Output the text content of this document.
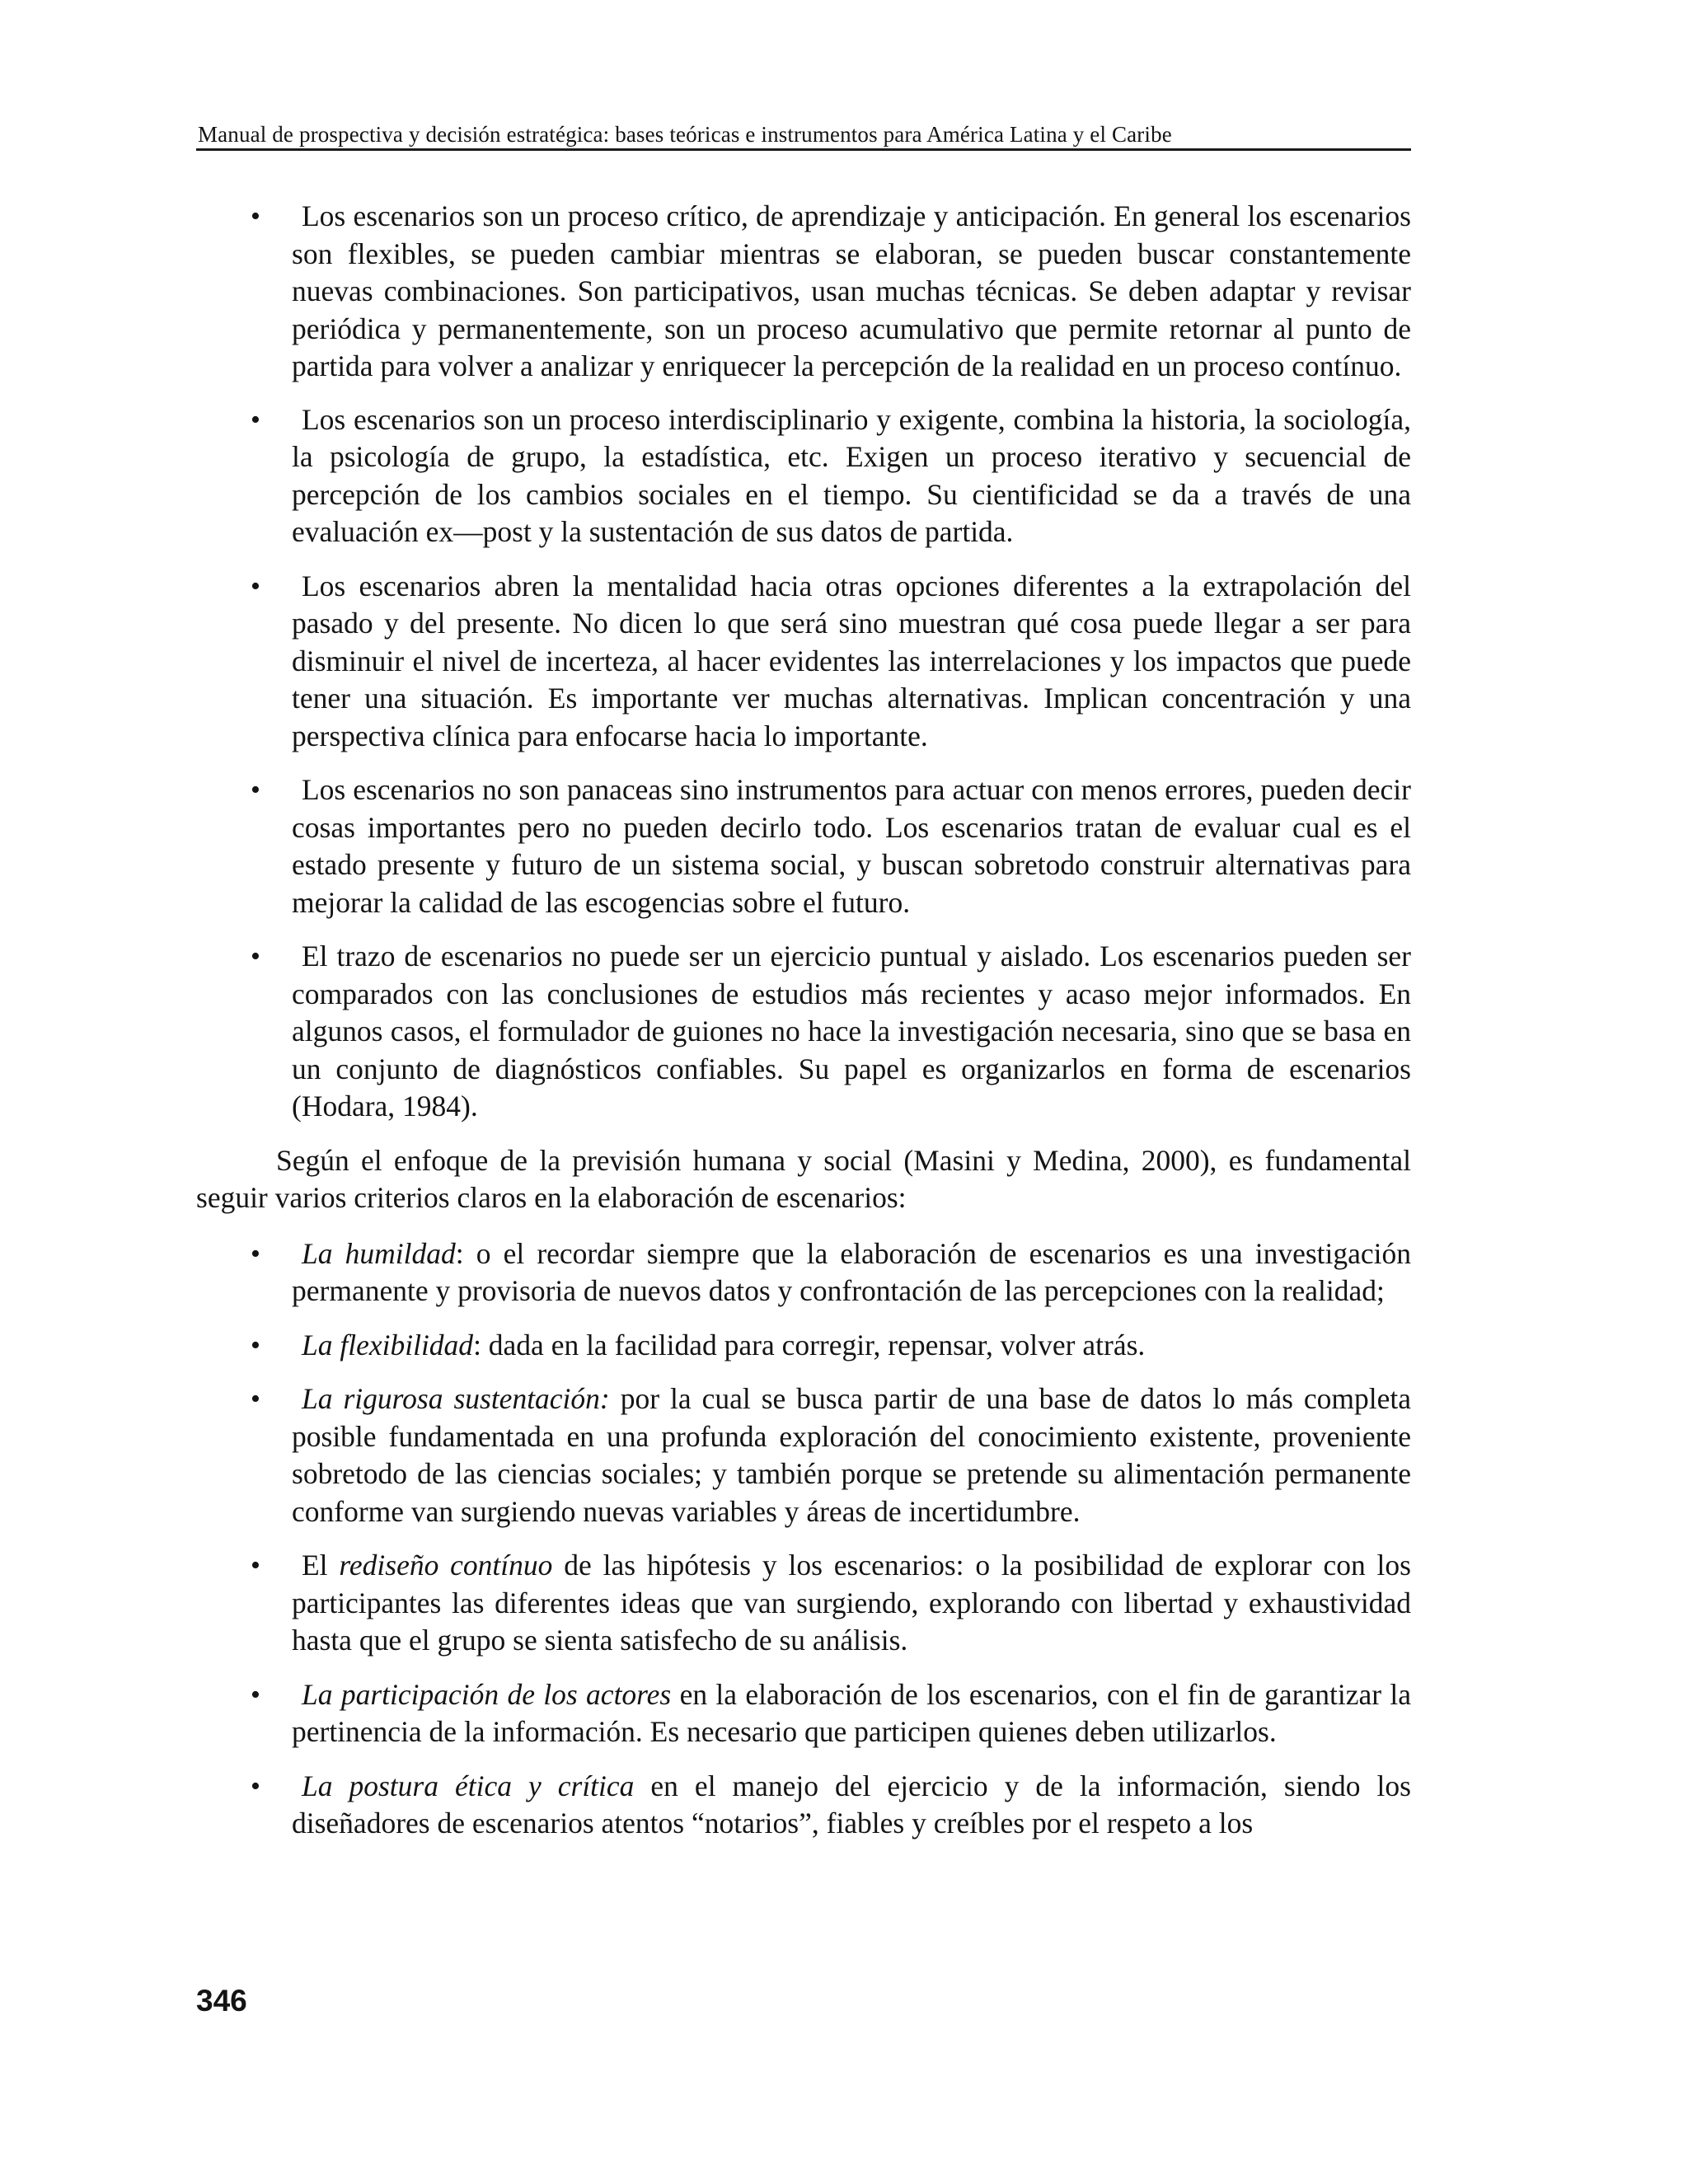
Manual de prospectiva y decisión estratégica: bases teóricas e instrumentos para América Latina y el Caribe
• Los escenarios son un proceso crítico, de aprendizaje y anticipación. En general los escenarios son flexibles, se pueden cambiar mientras se elaboran, se pueden buscar constantemente nuevas combinaciones. Son participativos, usan muchas técnicas. Se deben adaptar y revisar periódica y permanentemente, son un proceso acumulativo que permite retornar al punto de partida para volver a analizar y enriquecer la percepción de la realidad en un proceso contínuo.
• Los escenarios son un proceso interdisciplinario y exigente, combina la historia, la sociología, la psicología de grupo, la estadística, etc. Exigen un proceso iterativo y secuencial de percepción de los cambios sociales en el tiempo. Su cientificidad se da a través de una evaluación ex—post y la sustentación de sus datos de partida.
• Los escenarios abren la mentalidad hacia otras opciones diferentes a la extrapolación del pasado y del presente. No dicen lo que será sino muestran qué cosa puede llegar a ser para disminuir el nivel de incerteza, al hacer evidentes las interrelaciones y los impactos que puede tener una situación. Es importante ver muchas alternativas. Implican concentración y una perspectiva clínica para enfocarse hacia lo importante.
• Los escenarios no son panaceas sino instrumentos para actuar con menos errores, pueden decir cosas importantes pero no pueden decirlo todo. Los escenarios tratan de evaluar cual es el estado presente y futuro de un sistema social, y buscan sobretodo construir alternativas para mejorar la calidad de las escogencias sobre el futuro.
• El trazo de escenarios no puede ser un ejercicio puntual y aislado. Los escenarios pueden ser comparados con las conclusiones de estudios más recientes y acaso mejor informados. En algunos casos, el formulador de guiones no hace la investigación necesaria, sino que se basa en un conjunto de diagnósticos confiables. Su papel es organizarlos en forma de escenarios (Hodara, 1984).

Según el enfoque de la previsión humana y social (Masini y Medina, 2000), es fundamental seguir varios criterios claros en la elaboración de escenarios:

• La humildad: o el recordar siempre que la elaboración de escenarios es una investigación permanente y provisoria de nuevos datos y confrontación de las percepciones con la realidad;
• La flexibilidad: dada en la facilidad para corregir, repensar, volver atrás.
• La rigurosa sustentación: por la cual se busca partir de una base de datos lo más completa posible fundamentada en una profunda exploración del conocimiento existente, proveniente sobretodo de las ciencias sociales; y también porque se pretende su alimentación permanente conforme van surgiendo nuevas variables y áreas de incertidumbre.
• El rediseño contínuo de las hipótesis y los escenarios: o la posibilidad de explorar con los participantes las diferentes ideas que van surgiendo, explorando con libertad y exhaustividad hasta que el grupo se sienta satisfecho de su análisis.
• La participación de los actores en la elaboración de los escenarios, con el fin de garantizar la pertinencia de la información. Es necesario que participen quienes deben utilizarlos.
• La postura ética y crítica en el manejo del ejercicio y de la información, siendo los diseñadores de escenarios atentos “notarios”, fiables y creíbles por el respeto a los
346
